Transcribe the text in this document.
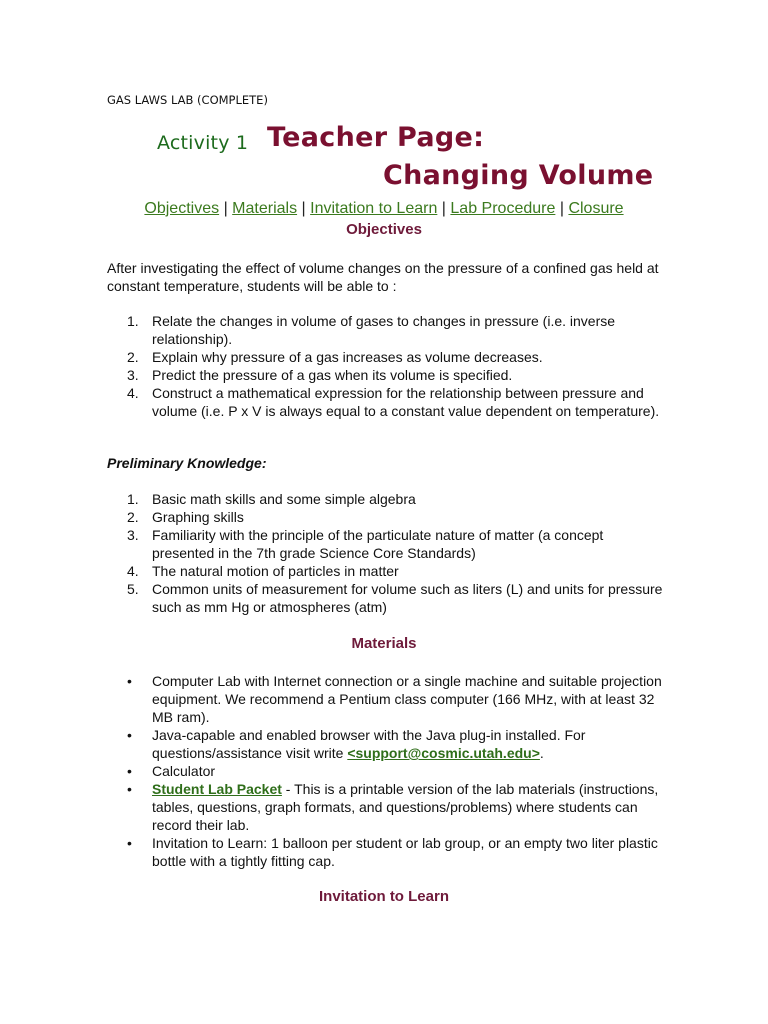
GAS LAWS LAB (COMPLETE)
Activity 1 Teacher Page:
Changing Volume
Objectives | Materials | Invitation to Learn | Lab Procedure | Closure
Objectives
After investigating the effect of volume changes on the pressure of a confined gas held at constant temperature, students will be able to :
1. Relate the changes in volume of gases to changes in pressure (i.e. inverse relationship).
2. Explain why pressure of a gas increases as volume decreases.
3. Predict the pressure of a gas when its volume is specified.
4. Construct a mathematical expression for the relationship between pressure and volume (i.e. P x V is always equal to a constant value dependent on temperature).
Preliminary Knowledge:
1. Basic math skills and some simple algebra
2. Graphing skills
3. Familiarity with the principle of the particulate nature of matter (a concept presented in the 7th grade Science Core Standards)
4. The natural motion of particles in matter
5. Common units of measurement for volume such as liters (L) and units for pressure such as mm Hg or atmospheres (atm)
Materials
• Computer Lab with Internet connection or a single machine and suitable projection equipment. We recommend a Pentium class computer (166 MHz, with at least 32 MB ram).
• Java-capable and enabled browser with the Java plug-in installed. For questions/assistance visit write <support@cosmic.utah.edu>.
• Calculator
• Student Lab Packet - This is a printable version of the lab materials (instructions, tables, questions, graph formats, and questions/problems) where students can record their lab.
• Invitation to Learn: 1 balloon per student or lab group, or an empty two liter plastic bottle with a tightly fitting cap.
Invitation to Learn
